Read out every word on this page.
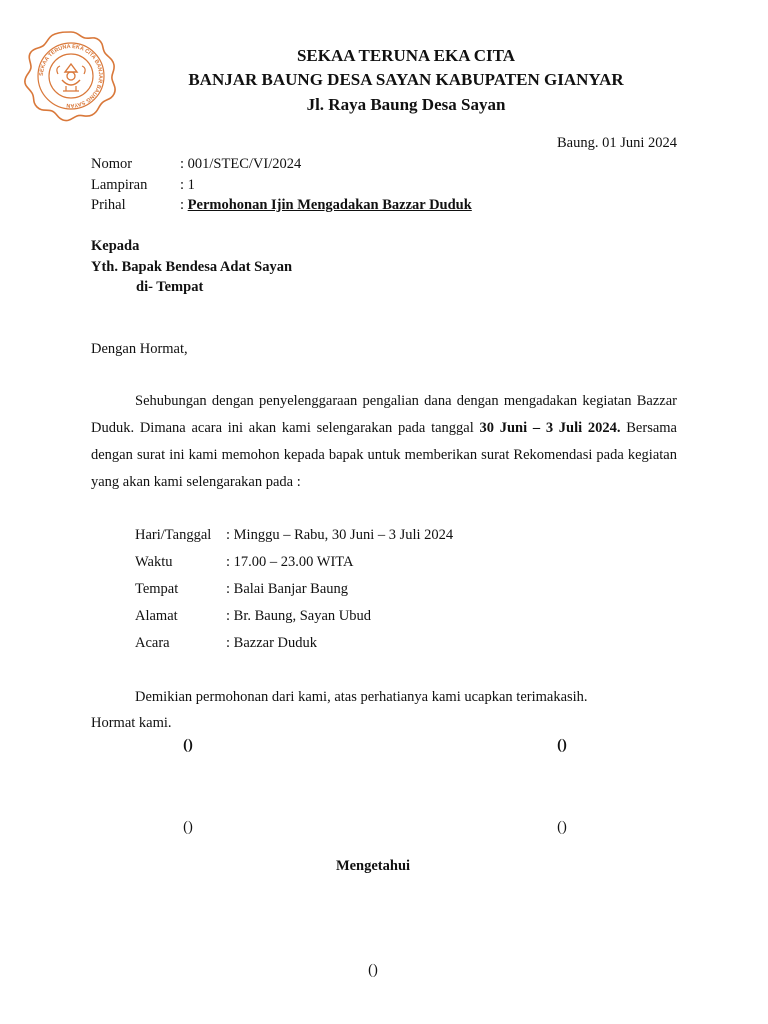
SEKAA TERUNA EKA CITA BANJAR BAUNG SAYAN
SEKAA TERUNA EKA CITA
BANJAR BAUNG DESA SAYAN KABUPATEN GIANYAR
Jl. Raya Baung Desa Sayan
Baung. 01 Juni 2024
Nomor	: 001/STEC/VI/2024
Lampiran : 1
Prihal	: Permohonan Ijin Mengadakan Bazzar Duduk
Kepada
Yth. Bapak Bendesa Adat Sayan
di- Tempat
Dengan Hormat,
Sehubungan dengan penyelenggaraan pengalian dana dengan mengadakan kegiatan Bazzar Duduk. Dimana acara ini akan kami selengarakan pada tanggal 30 Juni – 3 Juli 2024. Bersama dengan surat ini kami memohon kepada bapak untuk memberikan surat Rekomendasi pada kegiatan yang akan kami selengarakan pada :
Hari/Tanggal : Minggu – Rabu, 30 Juni – 3 Juli 2024
Waktu	: 17.00 – 23.00 WITA
Tempat	: Balai Banjar Baung
Alamat	: Br. Baung, Sayan Ubud
Acara	: Bazzar Duduk
Demikian permohonan dari kami, atas perhatianya kami ucapkan terimakasih.
Hormat kami.
()	()
()	()
Mengetahui
()
